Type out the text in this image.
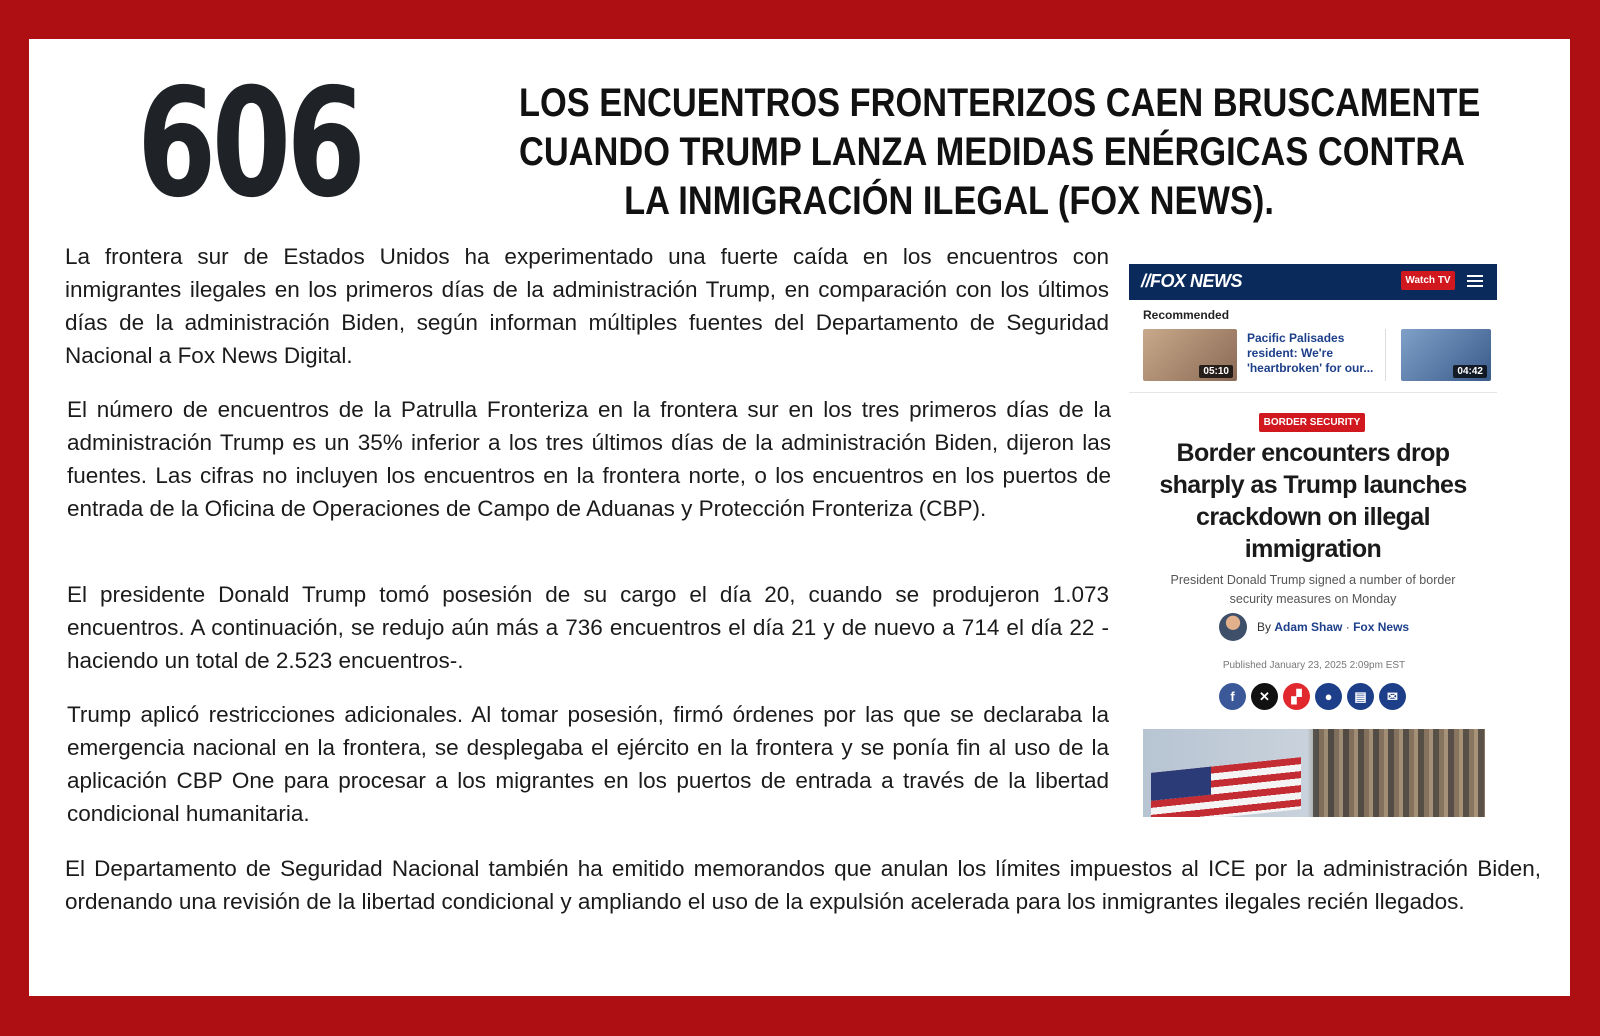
606	LOS ENCUENTROS FRONTERIZOS CAEN BRUSCAMENTE
CUANDO TRUMP LANZA MEDIDAS ENÉRGICAS CONTRA
LA INMIGRACIÓN ILEGAL (FOX NEWS).

La frontera sur de Estados Unidos ha experimentado una fuerte caída en los encuentros con inmigrantes ilegales en los primeros días de la administración Trump, en comparación con los últimos días de la administración Biden, según informan múltiples fuentes del Departamento de Seguridad Nacional a Fox News Digital.

El número de encuentros de la Patrulla Fronteriza en la frontera sur en los tres primeros días de la administración Trump es un 35% inferior a los tres últimos días de la administración Biden, dijeron las fuentes. Las cifras no incluyen los encuentros en la frontera norte, o los encuentros en los puertos de entrada de la Oficina de Operaciones de Campo de Aduanas y Protección Fronteriza (CBP).

El presidente Donald Trump tomó posesión de su cargo el día 20, cuando se produjeron 1.073 encuentros. A continuación, se redujo aún más a 736 encuentros el día 21 y de nuevo a 714 el día 22 -haciendo un total de 2.523 encuentros-.

Trump aplicó restricciones adicionales. Al tomar posesión, firmó órdenes por las que se declaraba la emergencia nacional en la frontera, se desplegaba el ejército en la frontera y se ponía fin al uso de la aplicación CBP One para procesar a los migrantes en los puertos de entrada a través de la libertad condicional humanitaria.

El Departamento de Seguridad Nacional también ha emitido memorandos que anulan los límites impuestos al ICE por la administración Biden, ordenando una revisión de la libertad condicional y ampliando el uso de la expulsión acelerada para los inmigrantes ilegales recién llegados.

//FOX NEWS	Watch TV
Recommended
05:10
Pacific Palisades resident: We're 'heartbroken' for our...	04:42
BORDER SECURITY
Border encounters drop sharply as Trump launches crackdown on illegal immigration
President Donald Trump signed a number of border security measures on Monday
By Adam Shaw · Fox News
Published January 23, 2025 2:09pm EST
f	✕	▞	●	▤	✉
